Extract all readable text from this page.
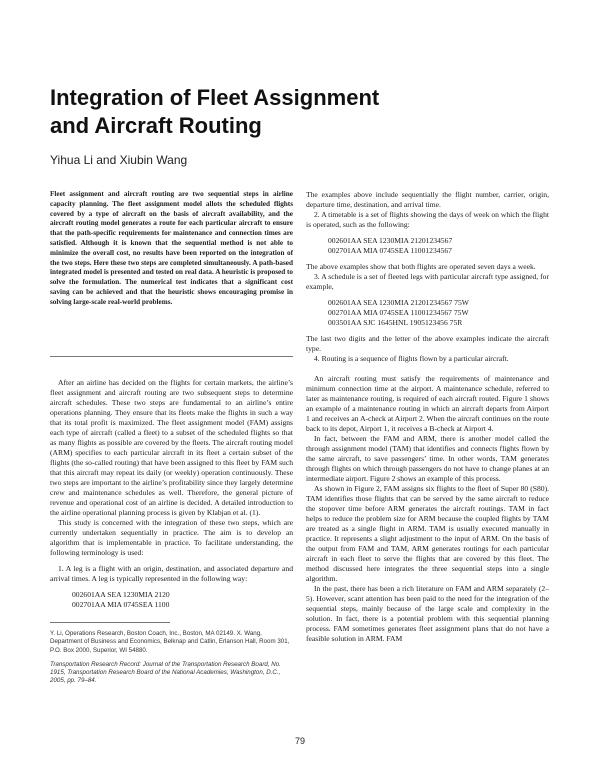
Integration of Fleet Assignment and Aircraft Routing
Yihua Li and Xiubin Wang

Fleet assignment and aircraft routing are two sequential steps in airline capacity planning. The fleet assignment model allots the scheduled flights covered by a type of aircraft on the basis of aircraft availability, and the aircraft routing model generates a route for each particular aircraft to ensure that the path-specific requirements for maintenance and connection times are satisfied. Although it is known that the sequential method is not able to minimize the overall cost, no results have been reported on the integration of the two steps. Here these two steps are completed simultaneously. A path-based integrated model is presented and tested on real data. A heuristic is proposed to solve the formulation. The numerical test indicates that a significant cost saving can be achieved and that the heuristic shows encouraging promise in solving large-scale real-world problems.

After an airline has decided on the flights for certain markets, the airline’s fleet assignment and aircraft routing are two subsequent steps to determine aircraft schedules. These two steps are fundamental to an airline’s entire operations planning. They ensure that its fleets make the flights in such a way that its total profit is maximized. The fleet assignment model (FAM) assigns each type of aircraft (called a fleet) to a subset of the scheduled flights so that as many flights as possible are covered by the fleets. The aircraft routing model (ARM) specifies to each particular aircraft in its fleet a certain subset of the flights (the so-called routing) that have been assigned to this fleet by FAM such that this aircraft may repeat its daily (or weekly) operation continuously. These two steps are important to the airline’s profitability since they largely determine crew and maintenance schedules as well. Therefore, the general picture of revenue and operational cost of an airline is decided. A detailed introduction to the airline operational planning process is given by Klabjan et al. (1).

This study is concerned with the integration of these two steps, which are currently undertaken sequentially in practice. The aim is to develop an algorithm that is implementable in practice. To facilitate understanding, the following terminology is used:

1. A leg is a flight with an origin, destination, and associated departure and arrival times. A leg is typically represented in the following way:

002601AA SEA 1230MIA 2120

002701AA MIA 0745SEA 1100

Y. Li, Operations Research, Boston Coach, Inc., Boston, MA 02149. X. Wang, Department of Business and Economics, Belknap and Catlin, Erlanson Hall, Room 301, P.O. Box 2000, Superior, WI 54880.

Transportation Research Record: Journal of the Transportation Research Board, No. 1915, Transportation Research Board of the National Academies, Washington, D.C., 2005, pp. 79–84.

The examples above include sequentially the flight number, carrier, origin, departure time, destination, and arrival time.

2. A timetable is a set of flights showing the days of week on which the flight is operated, such as the following:

002601AA SEA 1230MIA 21201234567

002701AA MIA 0745SEA 11001234567

The above examples show that both flights are operated seven days a week.

3. A schedule is a set of fleeted legs with particular aircraft type assigned, for example,

002601AA SEA 1230MIA 21201234567 75W

002701AA MIA 0745SEA 11001234567 75W

003501AA SJC 1645HNL 1905123456 75R

The last two digits and the letter of the above examples indicate the aircraft type.

4. Routing is a sequence of flights flown by a particular aircraft.

An aircraft routing must satisfy the requirements of maintenance and minimum connection time at the airport. A maintenance schedule, referred to later as maintenance routing, is required of each aircraft routed. Figure 1 shows an example of a maintenance routing in which an aircraft departs from Airport 1 and receives an A-check at Airport 2. When the aircraft continues on the route back to its depot, Airport 1, it receives a B-check at Airport 4.

In fact, between the FAM and ARM, there is another model called the through assignment model (TAM) that identifies and connects flights flown by the same aircraft, to save passengers’ time. In other words, TAM generates through flights on which through passengers do not have to change planes at an intermediate airport. Figure 2 shows an example of this process.

As shown in Figure 2, FAM assigns six flights to the fleet of Super 80 (S80). TAM identifies those flights that can be served by the same aircraft to reduce the stopover time before ARM generates the aircraft routings. TAM in fact helps to reduce the problem size for ARM because the coupled flights by TAM are treated as a single flight in ARM. TAM is usually executed manually in practice. It represents a slight adjustment to the input of ARM. On the basis of the output from FAM and TAM, ARM generates routings for each particular aircraft in each fleet to serve the flights that are covered by this fleet. The method discussed here integrates the three sequential steps into a single algorithm.

In the past, there has been a rich literature on FAM and ARM separately (2–5). However, scant attention has been paid to the need for the integration of the sequential steps, mainly because of the large scale and complexity in the solution. In fact, there is a potential problem with this sequential planning process. FAM sometimes generates fleet assignment plans that do not have a feasible solution in ARM. FAM

79
